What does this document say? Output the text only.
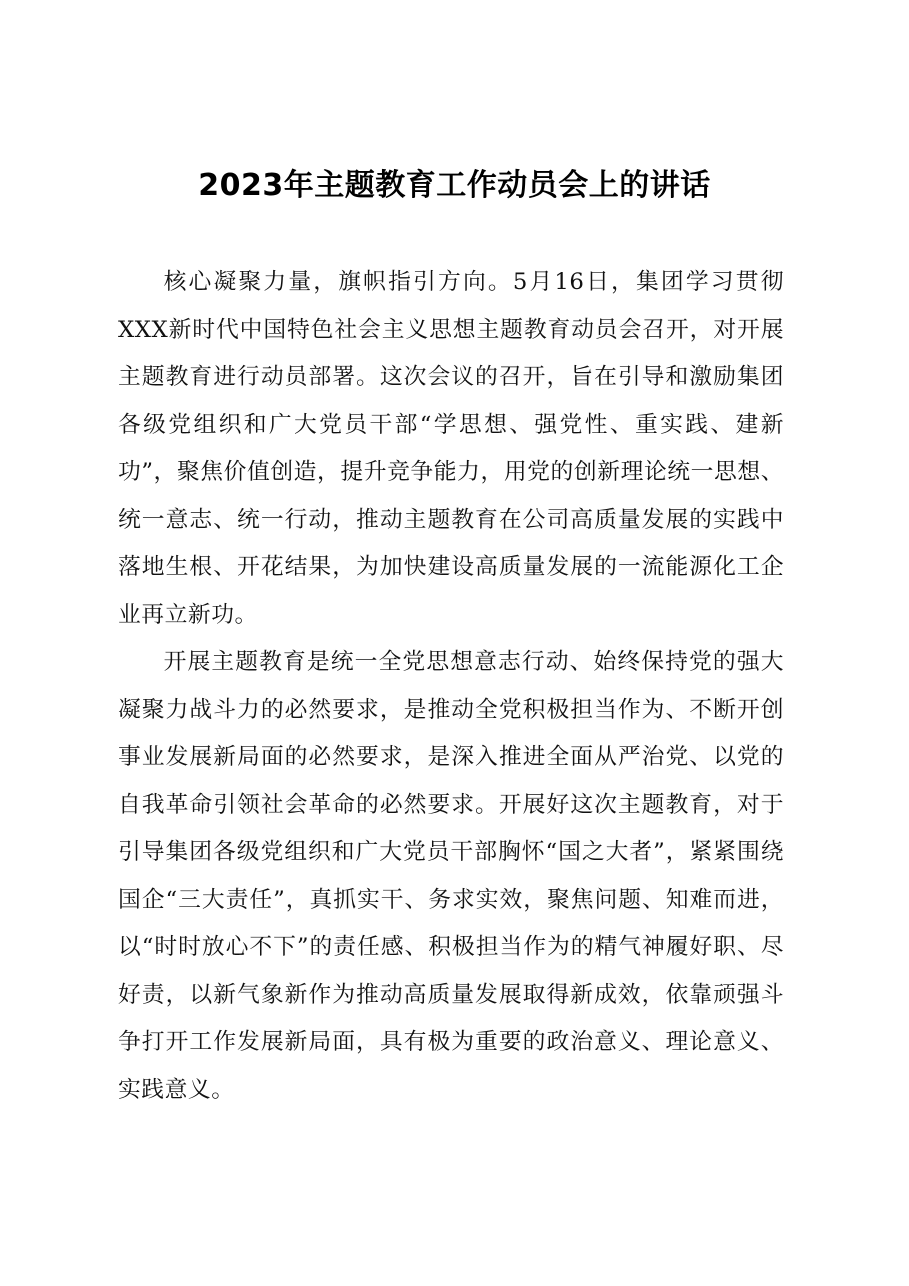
2023年主题教育工作动员会上的讲话

核心凝聚力量，旗帜指引方向。5月16日，集团学习贯彻XXX新时代中国特色社会主义思想主题教育动员会召开，对开展主题教育进行动员部署。这次会议的召开，旨在引导和激励集团各级党组织和广大党员干部“学思想、强党性、重实践、建新功”，聚焦价值创造，提升竞争能力，用党的创新理论统一思想、统一意志、统一行动，推动主题教育在公司高质量发展的实践中落地生根、开花结果，为加快建设高质量发展的一流能源化工企业再立新功。

开展主题教育是统一全党思想意志行动、始终保持党的强大凝聚力战斗力的必然要求，是推动全党积极担当作为、不断开创事业发展新局面的必然要求，是深入推进全面从严治党、以党的自我革命引领社会革命的必然要求。开展好这次主题教育，对于引导集团各级党组织和广大党员干部胸怀“国之大者”，紧紧围绕国企“三大责任”，真抓实干、务求实效，聚焦问题、知难而进，以“时时放心不下”的责任感、积极担当作为的精气神履好职、尽好责，以新气象新作为推动高质量发展取得新成效，依靠顽强斗争打开工作发展新局面，具有极为重要的政治意义、理论意义、实践意义。
